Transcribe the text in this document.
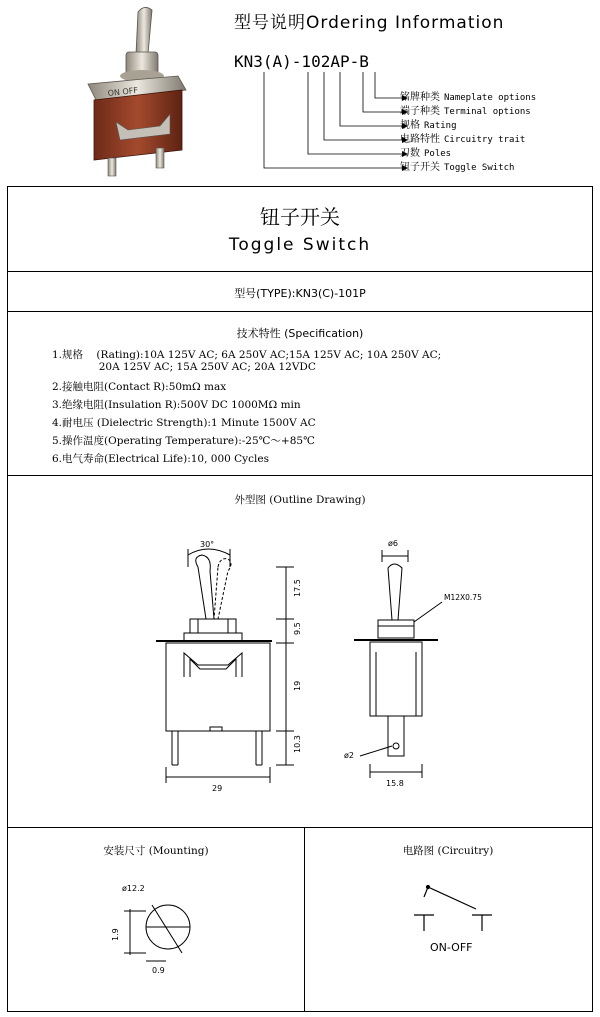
ON OFF
型号说明Ordering Information
KN3(A)-102AP-B
铭牌种类 Nameplate options
端子种类 Terminal options
规格 Rating
电路特性 Circuitry trait
刀数 Poles
钮子开关 Toggle Switch
钮子开关
Toggle Switch
型号(TYPE):KN3(C)-101P
技术特性 (Specification)
1.规格    (Rating):10A 125V AC; 6A 250V AC;15A 125V AC; 10A 250V AC;
20A 125V AC; 15A 250V AC; 20A 12VDC
2.接触电阻(Contact R):50mΩ max
3.绝缘电阻(Insulation R):500V DC 1000MΩ min
4.耐电压 (Dielectric Strength):1 Minute 1500V AC
5.操作温度(Operating Temperature):-25℃～+85℃
6.电气寿命(Electrical Life):10, 000 Cycles
外型图 (Outline Drawing)
30°
17.5
9.5
19
10.3
29
ø6
M12X0.75
ø2
15.8
安装尺寸 (Mounting)
ø12.2
1.9
0.9
电路图 (Circuitry)
ON-OFF
